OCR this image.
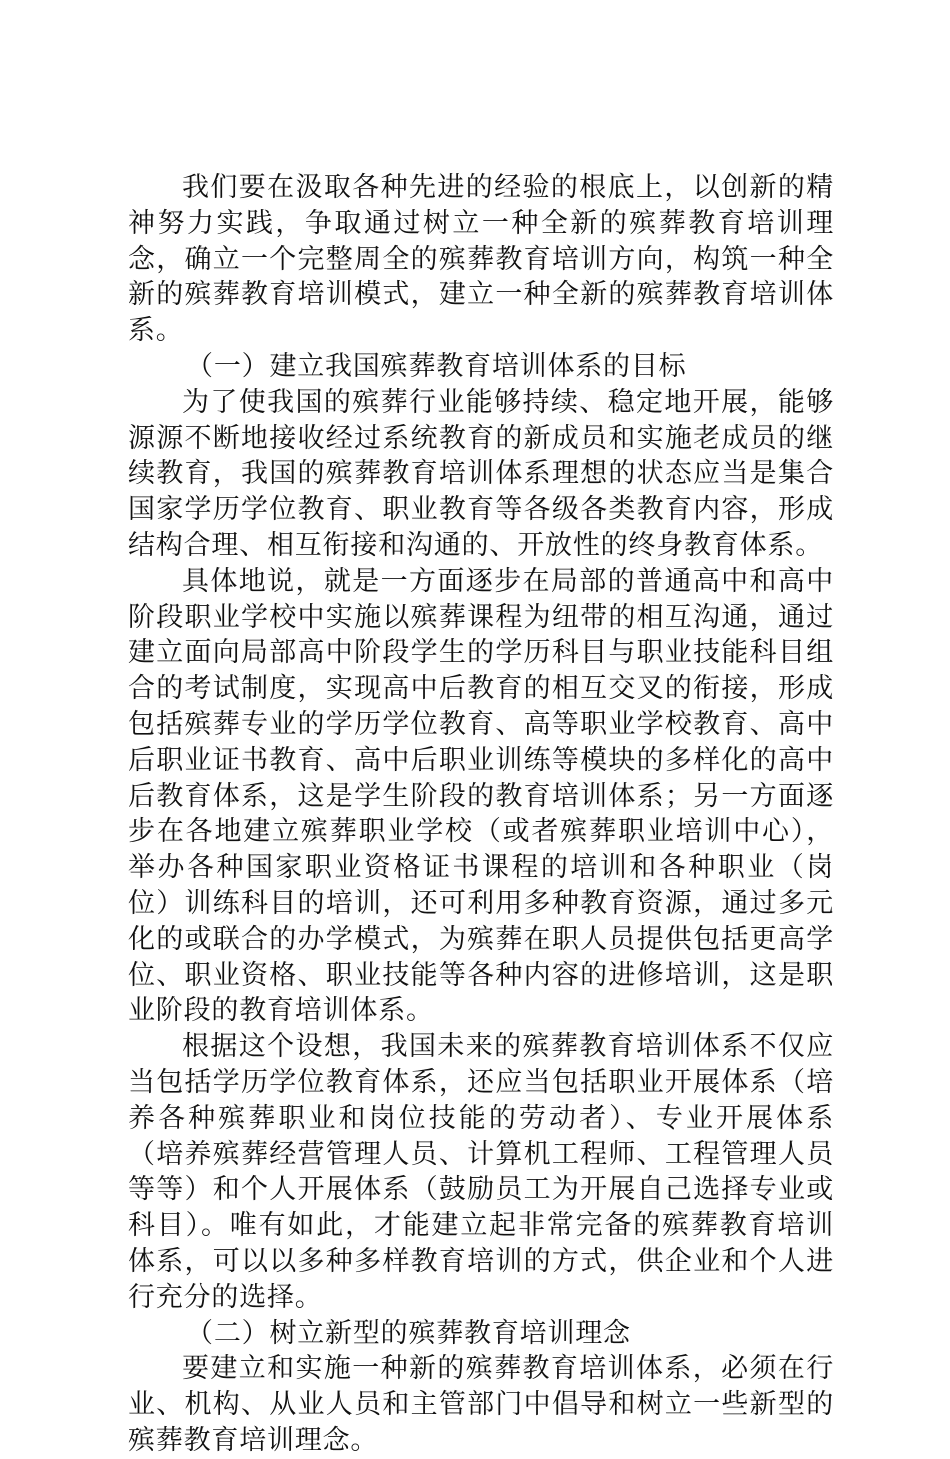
我们要在汲取各种先进的经验的根底上，以创新的精神努力实践，争取通过树立一种全新的殡葬教育培训理念，确立一个完整周全的殡葬教育培训方向，构筑一种全新的殡葬教育培训模式，建立一种全新的殡葬教育培训体系。

（一）建立我国殡葬教育培训体系的目标

为了使我国的殡葬行业能够持续、稳定地开展，能够源源不断地接收经过系统教育的新成员和实施老成员的继续教育，我国的殡葬教育培训体系理想的状态应当是集合国家学历学位教育、职业教育等各级各类教育内容，形成结构合理、相互衔接和沟通的、开放性的终身教育体系。

具体地说，就是一方面逐步在局部的普通高中和高中阶段职业学校中实施以殡葬课程为纽带的相互沟通，通过建立面向局部高中阶段学生的学历科目与职业技能科目组合的考试制度，实现高中后教育的相互交叉的衔接，形成包括殡葬专业的学历学位教育、高等职业学校教育、高中后职业证书教育、高中后职业训练等模块的多样化的高中后教育体系，这是学生阶段的教育培训体系；另一方面逐步在各地建立殡葬职业学校（或者殡葬职业培训中心），举办各种国家职业资格证书课程的培训和各种职业（岗位）训练科目的培训，还可利用多种教育资源，通过多元化的或联合的办学模式，为殡葬在职人员提供包括更高学位、职业资格、职业技能等各种内容的进修培训，这是职业阶段的教育培训体系。

根据这个设想，我国未来的殡葬教育培训体系不仅应当包括学历学位教育体系，还应当包括职业开展体系（培养各种殡葬职业和岗位技能的劳动者）、专业开展体系（培养殡葬经营管理人员、计算机工程师、工程管理人员等等）和个人开展体系（鼓励员工为开展自己选择专业或科目）。唯有如此，才能建立起非常完备的殡葬教育培训体系，可以以多种多样教育培训的方式，供企业和个人进行充分的选择。

（二）树立新型的殡葬教育培训理念

要建立和实施一种新的殡葬教育培训体系，必须在行业、机构、从业人员和主管部门中倡导和树立一些新型的殡葬教育培训理念。
